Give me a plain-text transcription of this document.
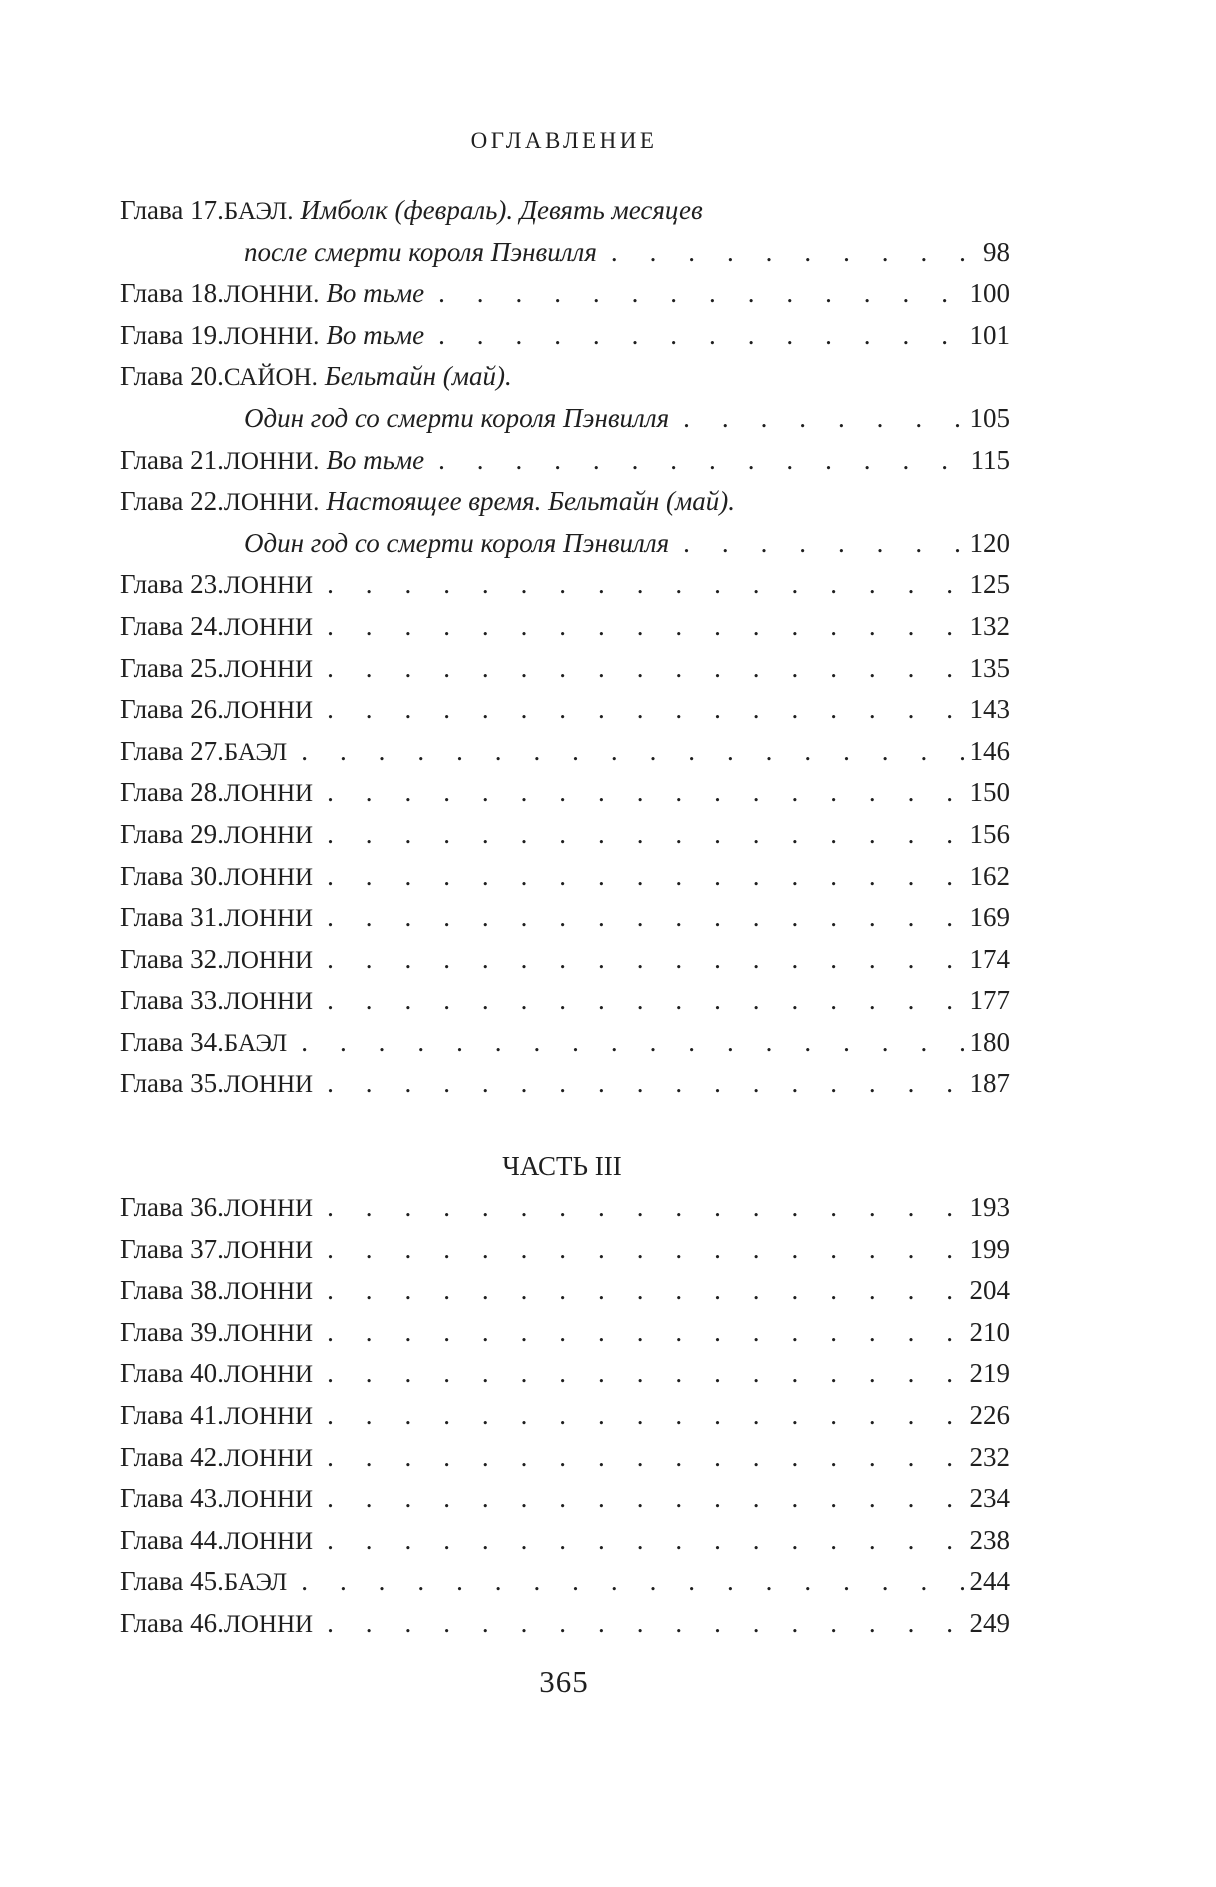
ОГЛАВЛЕНИЕ
Глава 17. БАЭЛ. Имболк (февраль). Девять месяцев
после смерти короля Пэнвилля . . .	98
Глава 18. ЛОННИ. Во тьме . . .	100
Глава 19. ЛОННИ. Во тьме . . .	101
Глава 20. САЙОН. Бельтайн (май).
Один год со смерти короля Пэнвилля . . .	105
Глава 21. ЛОННИ. Во тьме . . .	115
Глава 22. ЛОННИ. Настоящее время. Бельтайн (май).
Один год со смерти короля Пэнвилля . . .	120
Глава 23. ЛОННИ . . .	125
Глава 24. ЛОННИ . . .	132
Глава 25. ЛОННИ . . .	135
Глава 26. ЛОННИ . . .	143
Глава 27. БАЭЛ . . .	146
Глава 28. ЛОННИ . . .	150
Глава 29. ЛОННИ . . .	156
Глава 30. ЛОННИ . . .	162
Глава 31. ЛОННИ . . .	169
Глава 32. ЛОННИ . . .	174
Глава 33. ЛОННИ . . .	177
Глава 34. БАЭЛ . . .	180
Глава 35. ЛОННИ . . .	187
ЧАСТЬ III
Глава 36. ЛОННИ . . .	193
Глава 37. ЛОННИ . . .	199
Глава 38. ЛОННИ . . .	204
Глава 39. ЛОННИ . . .	210
Глава 40. ЛОННИ . . .	219
Глава 41. ЛОННИ . . .	226
Глава 42. ЛОННИ . . .	232
Глава 43. ЛОННИ . . .	234
Глава 44. ЛОННИ . . .	238
Глава 45. БАЭЛ . . .	244
Глава 46. ЛОННИ . . .	249
365
